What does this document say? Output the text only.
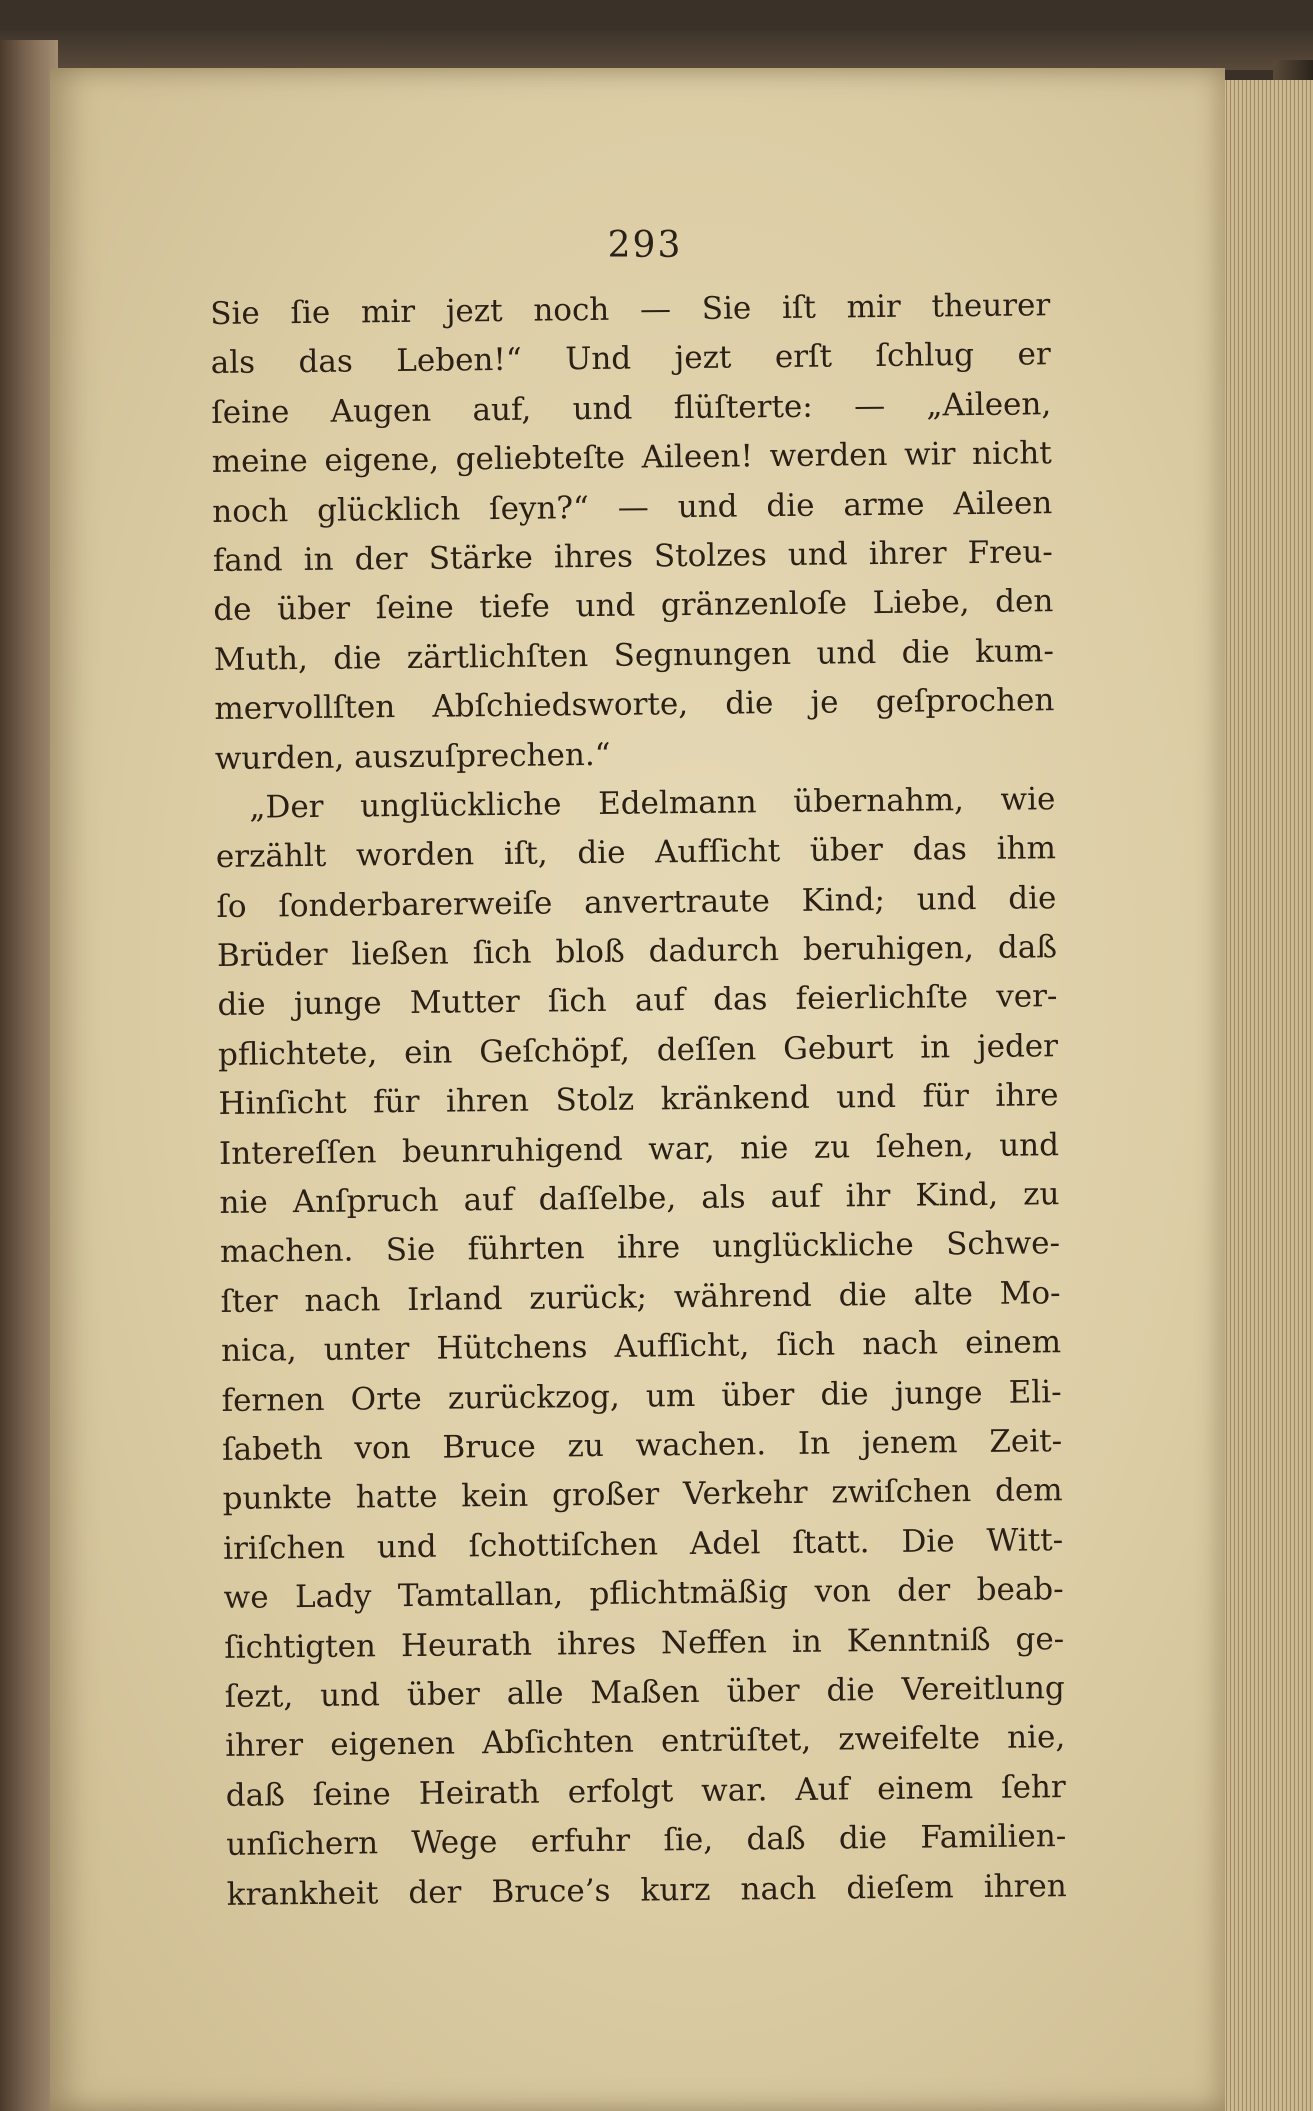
293
Sie ſie mir jezt noch — Sie iſt mir theurer
als das Leben!“ Und jezt erſt ſchlug er
ſeine Augen auf, und flüſterte: — „Aileen,
meine eigene, geliebteſte Aileen! werden wir nicht
noch glücklich ſeyn?“ — und die arme Aileen
fand in der Stärke ihres Stolzes und ihrer Freu-
de über ſeine tiefe und gränzenloſe Liebe, den
Muth, die zärtlichſten Segnungen und die kum-
mervollſten Abſchiedsworte, die je geſprochen
wurden, auszuſprechen.“
„Der unglückliche Edelmann übernahm, wie
erzählt worden iſt, die Aufſicht über das ihm
ſo ſonderbarerweiſe anvertraute Kind; und die
Brüder ließen ſich bloß dadurch beruhigen, daß
die junge Mutter ſich auf das feierlichſte ver-
pflichtete, ein Geſchöpf, deſſen Geburt in jeder
Hinſicht für ihren Stolz kränkend und für ihre
Intereſſen beunruhigend war, nie zu ſehen, und
nie Anſpruch auf daſſelbe, als auf ihr Kind, zu
machen. Sie führten ihre unglückliche Schwe-
ſter nach Irland zurück; während die alte Mo-
nica, unter Hütchens Aufſicht, ſich nach einem
fernen Orte zurückzog, um über die junge Eli-
ſabeth von Bruce zu wachen. In jenem Zeit-
punkte hatte kein großer Verkehr zwiſchen dem
iriſchen und ſchottiſchen Adel ſtatt. Die Witt-
we Lady Tamtallan, pflichtmäßig von der beab-
ſichtigten Heurath ihres Neffen in Kenntniß ge-
ſezt, und über alle Maßen über die Vereitlung
ihrer eigenen Abſichten entrüſtet, zweifelte nie,
daß ſeine Heirath erfolgt war. Auf einem ſehr
unſichern Wege erfuhr ſie, daß die Familien-
krankheit der Bruce’s kurz nach dieſem ihren
